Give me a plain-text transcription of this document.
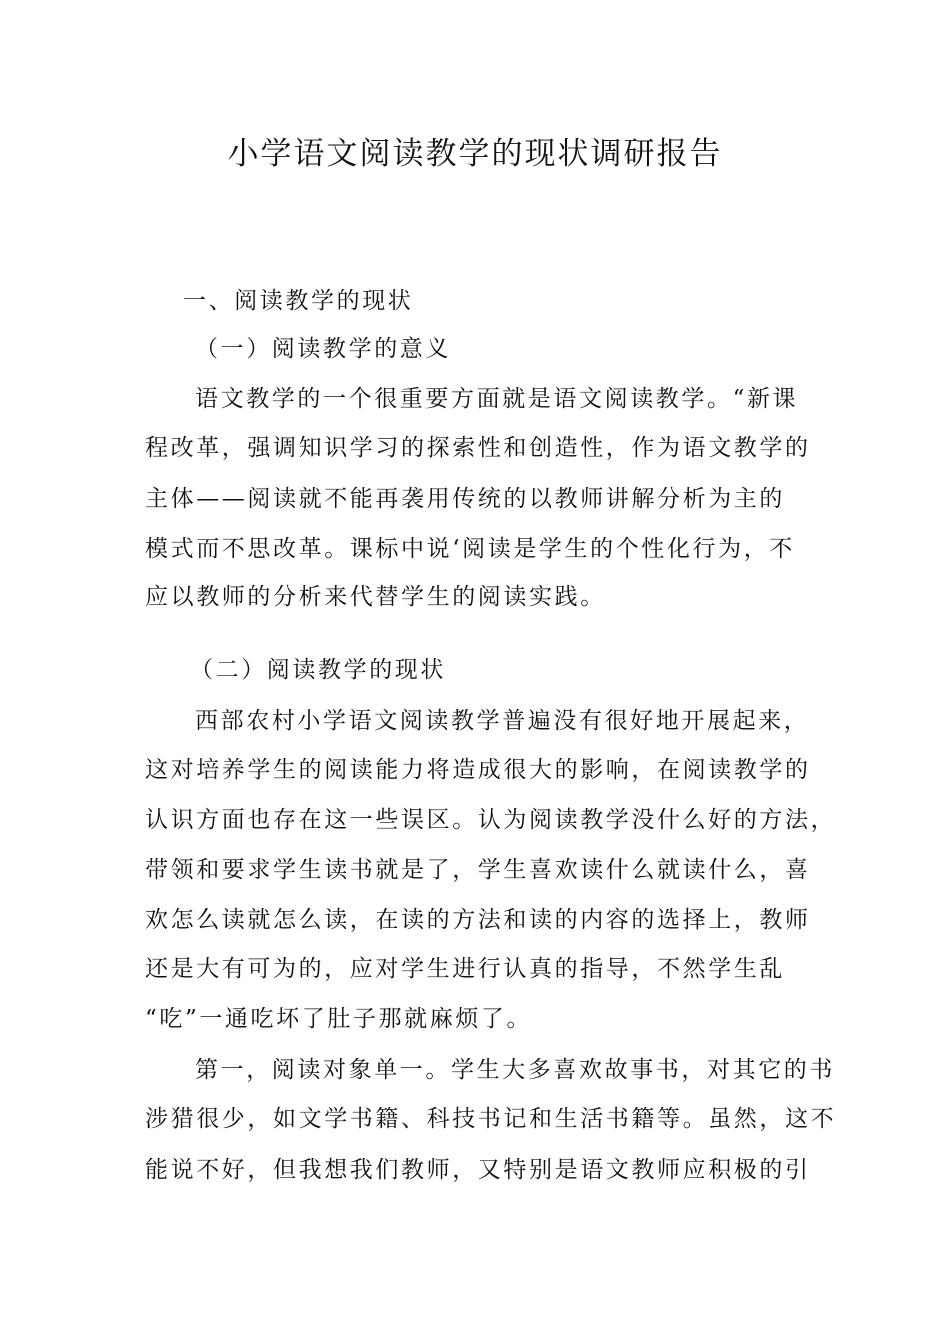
小学语文阅读教学的现状调研报告

一、阅读教学的现状

（一）阅读教学的意义

语文教学的一个很重要方面就是语文阅读教学。“新课

程改革，强调知识学习的探索性和创造性，作为语文教学的

主体——阅读就不能再袭用传统的以教师讲解分析为主的

模式而不思改革。课标中说‘阅读是学生的个性化行为，不

应以教师的分析来代替学生的阅读实践。

（二）阅读教学的现状

西部农村小学语文阅读教学普遍没有很好地开展起来，

这对培养学生的阅读能力将造成很大的影响，在阅读教学的

认识方面也存在这一些误区。认为阅读教学没什么好的方法，

带领和要求学生读书就是了，学生喜欢读什么就读什么，喜

欢怎么读就怎么读，在读的方法和读的内容的选择上，教师

还是大有可为的，应对学生进行认真的指导，不然学生乱

“吃”一通吃坏了肚子那就麻烦了。

第一，阅读对象单一。学生大多喜欢故事书，对其它的书

涉猎很少，如文学书籍、科技书记和生活书籍等。虽然，这不

能说不好，但我想我们教师，又特别是语文教师应积极的引
